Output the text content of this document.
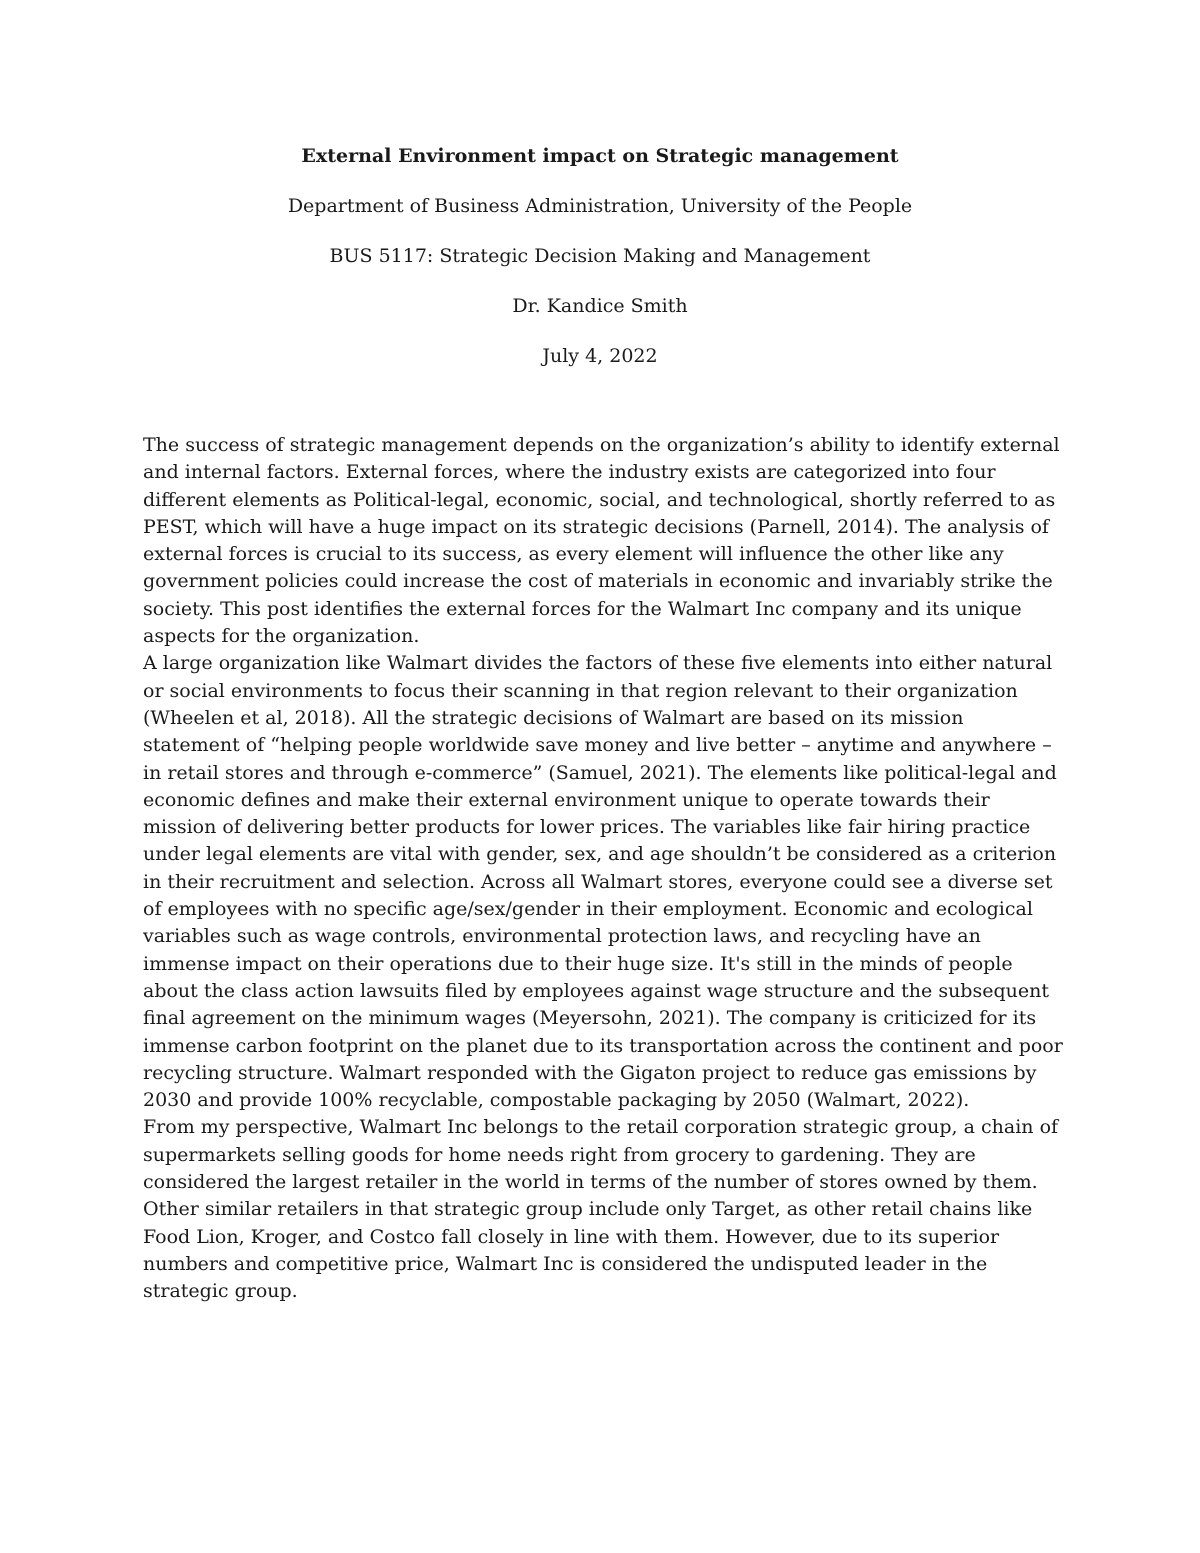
External Environment impact on Strategic management

Department of Business Administration, University of the People

BUS 5117: Strategic Decision Making and Management

Dr. Kandice Smith

July 4, 2022

The success of strategic management depends on the organization’s ability to identify external and internal factors. External forces, where the industry exists are categorized into four different elements as Political-legal, economic, social, and technological, shortly referred to as PEST, which will have a huge impact on its strategic decisions (Parnell, 2014). The analysis of external forces is crucial to its success, as every element will influence the other like any government policies could increase the cost of materials in economic and invariably strike the society. This post identifies the external forces for the Walmart Inc company and its unique aspects for the organization.

A large organization like Walmart divides the factors of these five elements into either natural or social environments to focus their scanning in that region relevant to their organization (Wheelen et al, 2018). All the strategic decisions of Walmart are based on its mission statement of “helping people worldwide save money and live better – anytime and anywhere – in retail stores and through e-commerce” (Samuel, 2021). The elements like political-legal and economic defines and make their external environment unique to operate towards their mission of delivering better products for lower prices. The variables like fair hiring practice under legal elements are vital with gender, sex, and age shouldn’t be considered as a criterion in their recruitment and selection. Across all Walmart stores, everyone could see a diverse set of employees with no specific age/sex/gender in their employment. Economic and ecological variables such as wage controls, environmental protection laws, and recycling have an immense impact on their operations due to their huge size. It's still in the minds of people about the class action lawsuits filed by employees against wage structure and the subsequent final agreement on the minimum wages (Meyersohn, 2021). The company is criticized for its immense carbon footprint on the planet due to its transportation across the continent and poor recycling structure. Walmart responded with the Gigaton project to reduce gas emissions by 2030 and provide 100% recyclable, compostable packaging by 2050 (Walmart, 2022).

From my perspective, Walmart Inc belongs to the retail corporation strategic group, a chain of supermarkets selling goods for home needs right from grocery to gardening. They are considered the largest retailer in the world in terms of the number of stores owned by them. Other similar retailers in that strategic group include only Target, as other retail chains like Food Lion, Kroger, and Costco fall closely in line with them. However, due to its superior numbers and competitive price, Walmart Inc is considered the undisputed leader in the strategic group.
